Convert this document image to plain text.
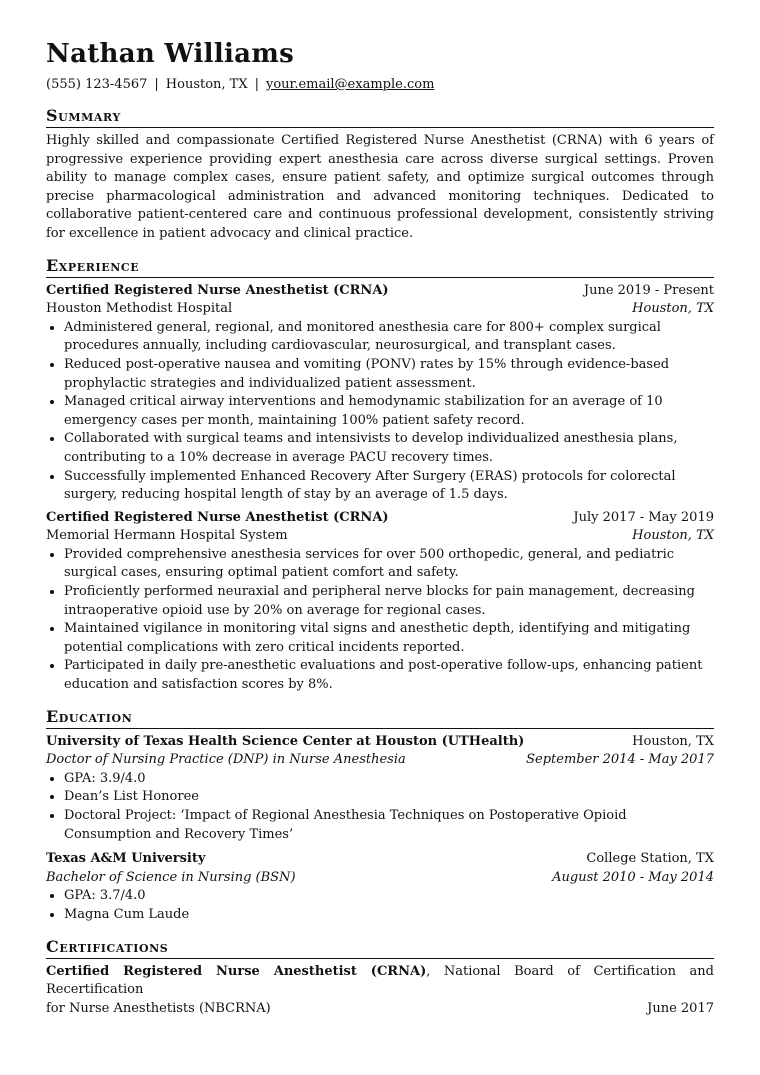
Nathan Williams
(555) 123-4567 | Houston, TX | your.email@example.com
Summary
Highly skilled and compassionate Certified Registered Nurse Anesthetist (CRNA) with 6 years of progressive experience providing expert anesthesia care across diverse surgical settings. Proven ability to manage complex cases, ensure patient safety, and optimize surgical outcomes through precise pharmacological administration and advanced monitoring techniques. Dedicated to collaborative patient-centered care and continuous professional development, consistently striving for excellence in patient advocacy and clinical practice.
Experience
Certified Registered Nurse Anesthetist (CRNA)	June 2019 - Present
Houston Methodist Hospital	Houston, TX
• Administered general, regional, and monitored anesthesia care for 800+ complex surgical procedures annually, including cardiovascular, neurosurgical, and transplant cases.
• Reduced post-operative nausea and vomiting (PONV) rates by 15% through evidence-based prophylactic strategies and individualized patient assessment.
• Managed critical airway interventions and hemodynamic stabilization for an average of 10 emergency cases per month, maintaining 100% patient safety record.
• Collaborated with surgical teams and intensivists to develop individualized anesthesia plans, contributing to a 10% decrease in average PACU recovery times.
• Successfully implemented Enhanced Recovery After Surgery (ERAS) protocols for colorectal surgery, reducing hospital length of stay by an average of 1.5 days.
Certified Registered Nurse Anesthetist (CRNA)	July 2017 - May 2019
Memorial Hermann Hospital System	Houston, TX
• Provided comprehensive anesthesia services for over 500 orthopedic, general, and pediatric surgical cases, ensuring optimal patient comfort and safety.
• Proficiently performed neuraxial and peripheral nerve blocks for pain management, decreasing intraoperative opioid use by 20% on average for regional cases.
• Maintained vigilance in monitoring vital signs and anesthetic depth, identifying and mitigating potential complications with zero critical incidents reported.
• Participated in daily pre-anesthetic evaluations and post-operative follow-ups, enhancing patient education and satisfaction scores by 8%.
Education
University of Texas Health Science Center at Houston (UTHealth)	Houston, TX
Doctor of Nursing Practice (DNP) in Nurse Anesthesia	September 2014 - May 2017
• GPA: 3.9/4.0
• Dean’s List Honoree
• Doctoral Project: ‘Impact of Regional Anesthesia Techniques on Postoperative Opioid Consumption and Recovery Times’
Texas A&M University	College Station, TX
Bachelor of Science in Nursing (BSN)	August 2010 - May 2014
• GPA: 3.7/4.0
• Magna Cum Laude
Certifications
Certified Registered Nurse Anesthetist (CRNA), National Board of Certification and Recertification
for Nurse Anesthetists (NBCRNA)	June 2017
